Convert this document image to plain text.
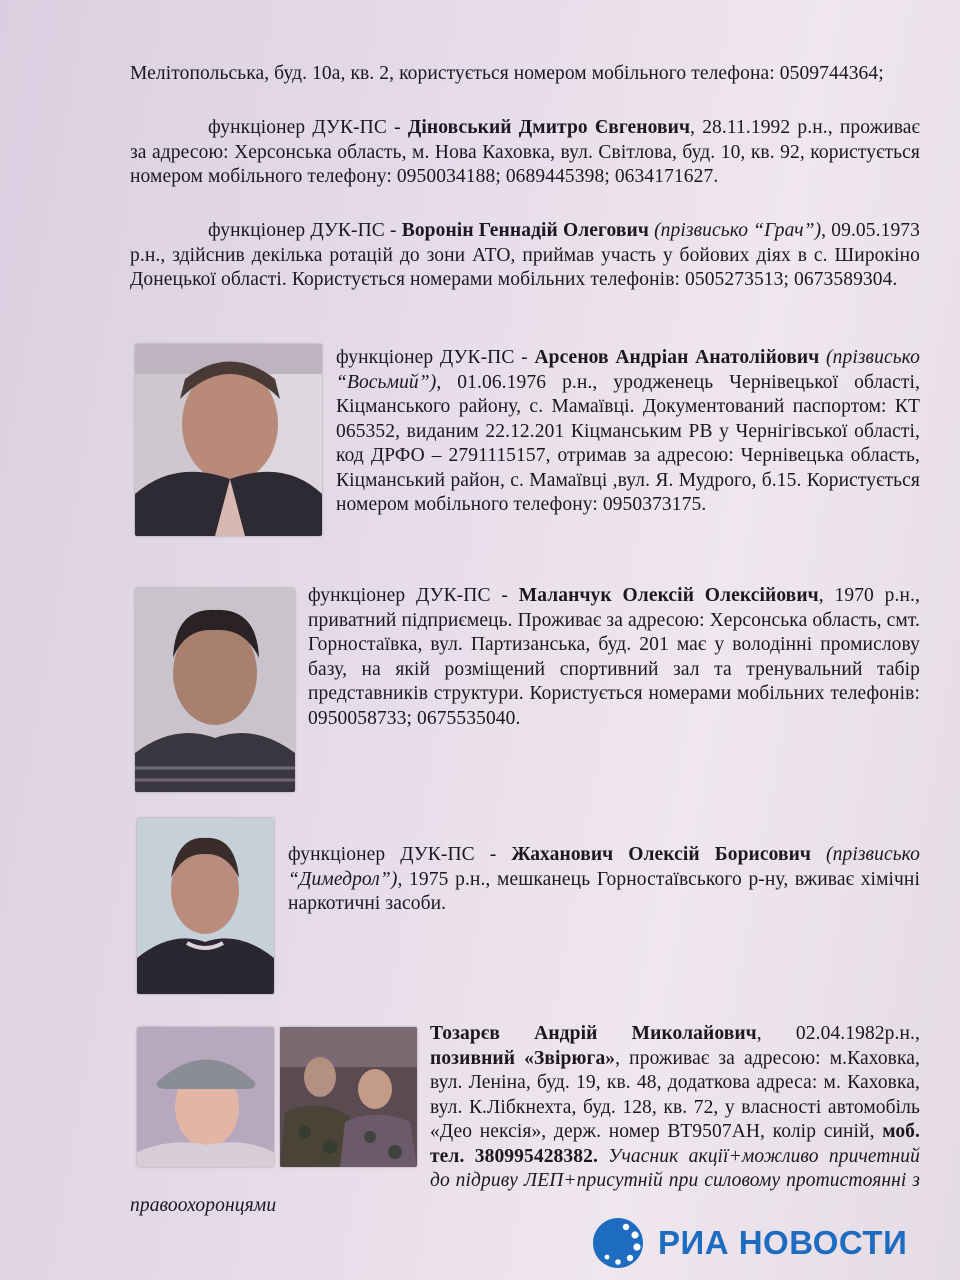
Мелітопольська, буд. 10а, кв. 2, користується номером мобільного телефона: 0509744364;
функціонер ДУК-ПС - Діновський Дмитро Євгенович, 28.11.1992 р.н., проживає за адресою: Херсонська область, м. Нова Каховка, вул. Світлова, буд. 10, кв. 92, користується номером мобільного телефону: 0950034188; 0689445398; 0634171627.
функціонер ДУК-ПС - Воронін Геннадій Олегович (прізвисько “Грач”), 09.05.1973 р.н., здійснив декілька ротацій до зони АТО, приймав участь у бойових діях в с. Широкіно Донецької області. Користується номерами мобільних телефонів: 0505273513; 0673589304.
функціонер ДУК-ПС - Арсенов Андріан Анатолійович (прізвисько “Восьмий”), 01.06.1976 р.н., уродженець Чернівецької області, Кіцманського району, с. Мамаївці. Документований паспортом: КТ 065352, виданим 22.12.201 Кіцманським РВ у Чернігівської області, код ДРФО – 2791115157, отримав за адресою: Чернівецька область, Кіцманський район, с. Мамаївці ,вул. Я. Мудрого, б.15. Користується номером мобільного телефону: 0950373175.
функціонер ДУК-ПС - Маланчук Олексій Олексійович, 1970 р.н., приватний підприємець. Проживає за адресою: Херсонська область, смт. Горностаївка, вул. Партизанська, буд. 201 має у володінні промислову базу, на якій розміщений спортивний зал та тренувальний табір представників структури. Користується номерами мобільних телефонів: 0950058733; 0675535040.
функціонер ДУК-ПС - Жаханович Олексій Борисович (прізвисько “Димедрол”), 1975 р.н., мешканець Горностаївського р-ну, вживає хімічні наркотичні засоби.
Тозарєв Андрій Миколайович, 02.04.1982р.н., позивний «Звірюга», проживає за адресою: м.Каховка, вул. Леніна, буд. 19, кв. 48, додаткова адреса: м. Каховка, вул. К.Лібкнехта, буд. 128, кв. 72, у власності автомобіль «Део нексія», держ. номер ВТ9507АН, колір синій, моб. тел. 380995428382. Учасник акції+можливо причетний до підриву ЛЕП+присутній при силовому протистоянні з правоохоронцями
РИА НОВОСТИ
